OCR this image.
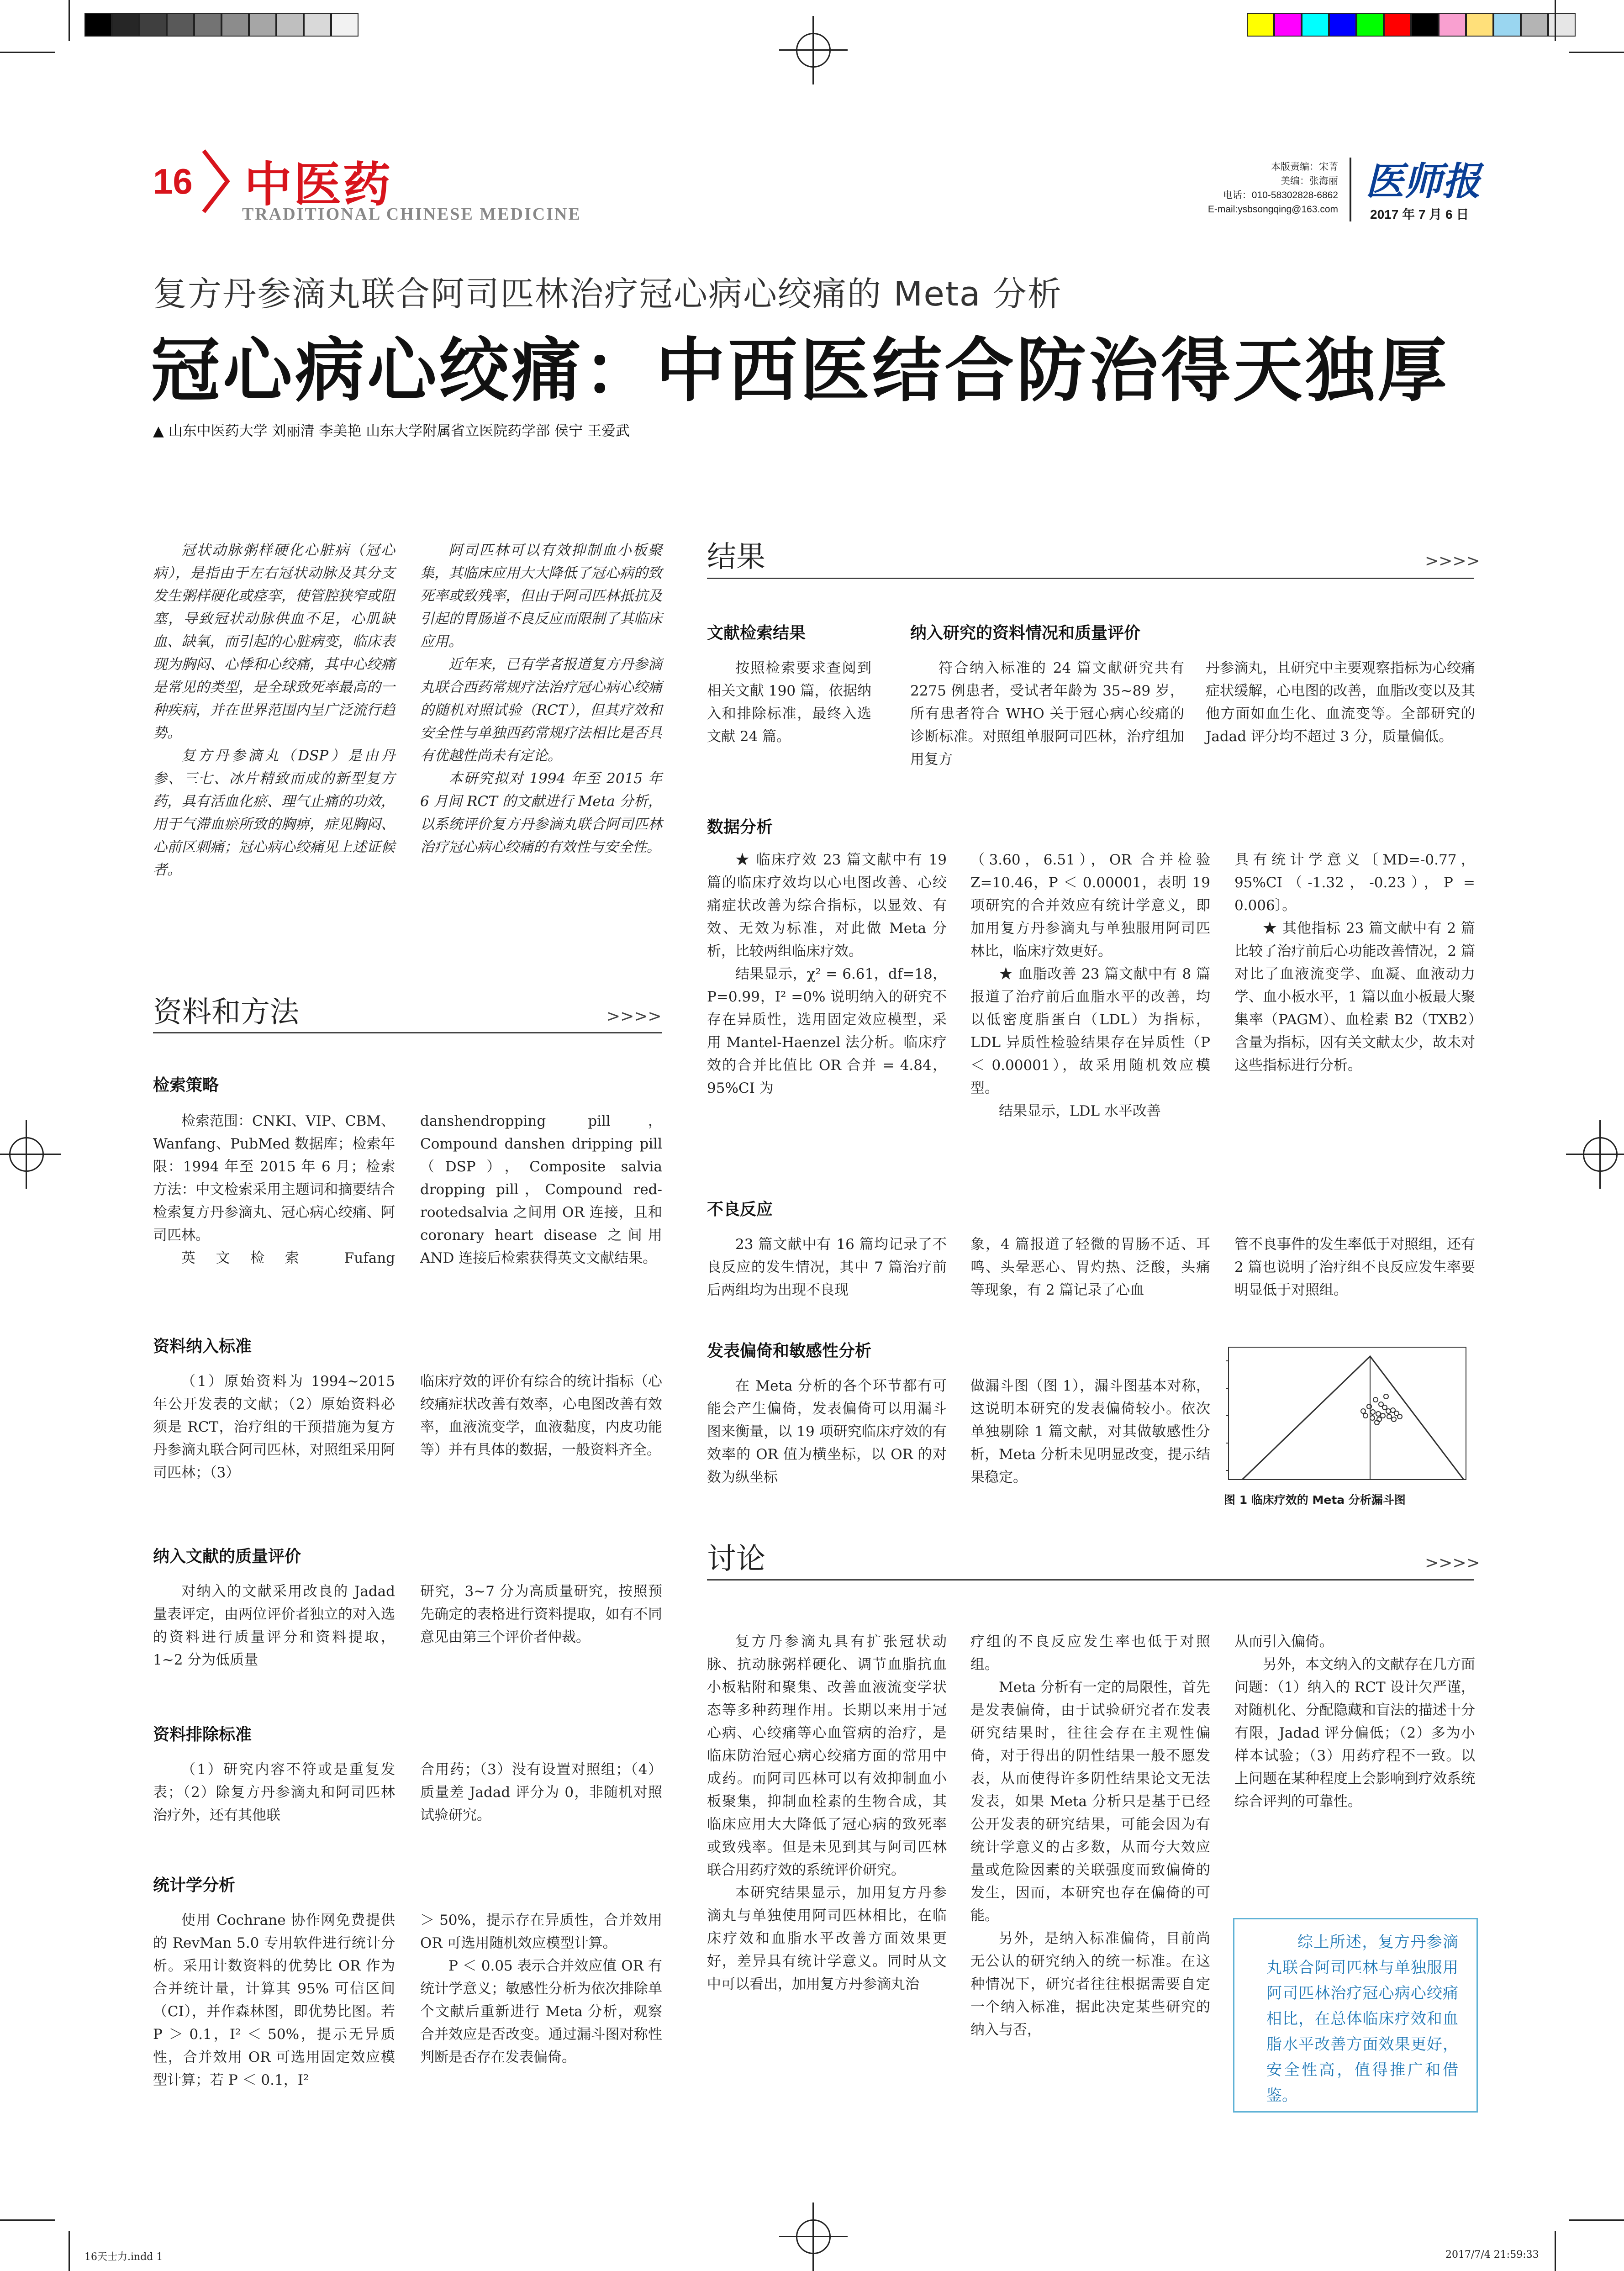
16 中医药
TRADITIONAL CHINESE MEDICINE
本版责编：宋菁
美编：张海丽
电话：010-58302828-6862
E-mail:ysbsongqing@163.com
医师报
2017 年 7 月 6 日
复方丹参滴丸联合阿司匹林治疗冠心病心绞痛的 Meta 分析
冠心病心绞痛：中西医结合防治得天独厚
▲ 山东中医药大学 刘丽清 李美艳 山东大学附属省立医院药学部 侯宁 王爱武

冠状动脉粥样硬化心脏病（冠心病），是指由于左右冠状动脉及其分支发生粥样硬化或痉挛，使管腔狭窄或阻塞，导致冠状动脉供血不足，心肌缺血、缺氧，而引起的心脏病变，临床表现为胸闷、心悸和心绞痛，其中心绞痛是常见的类型，是全球致死率最高的一种疾病，并在世界范围内呈广泛流行趋势。

复方丹参滴丸（DSP）是由丹参、三七、冰片精致而成的新型复方药，具有活血化瘀、理气止痛的功效，用于气滞血瘀所致的胸痹，症见胸闷、心前区刺痛；冠心病心绞痛见上述证候者。

阿司匹林可以有效抑制血小板聚集，其临床应用大大降低了冠心病的致死率或致残率，但由于阿司匹林抵抗及引起的胃肠道不良反应而限制了其临床应用。

近年来，已有学者报道复方丹参滴丸联合西药常规疗法治疗冠心病心绞痛的随机对照试验（RCT），但其疗效和安全性与单独西药常规疗法相比是否具有优越性尚未有定论。

本研究拟对 1994 年至 2015 年 6 月间 RCT 的文献进行 Meta 分析，以系统评价复方丹参滴丸联合阿司匹林治疗冠心病心绞痛的有效性与安全性。

资料和方法	>>>>
检索策略

检索范围：CNKI、VIP、CBM、Wanfang、PubMed 数据库；检索年限：1994 年至 2015 年 6 月；检索方法：中文检索采用主题词和摘要结合检索复方丹参滴丸、冠心病心绞痛、阿司匹林。

英文检索 Fufang

danshendropping pill，Compound danshen dripping pill（DSP），Composite salvia dropping pill，Compound red-rootedsalvia 之间用 OR 连接，且和 coronary heart disease 之间用 AND 连接后检索获得英文文献结果。

资料纳入标准

（1）原始资料为 1994~2015 年公开发表的文献；（2）原始资料必须是 RCT，治疗组的干预措施为复方丹参滴丸联合阿司匹林，对照组采用阿司匹林；（3）

临床疗效的评价有综合的统计指标（心绞痛症状改善有效率，心电图改善有效率，血液流变学，血液黏度，内皮功能等）并有具体的数据，一般资料齐全。

纳入文献的质量评价

对纳入的文献采用改良的 Jadad 量表评定，由两位评价者独立的对入选的资料进行质量评分和资料提取，1~2 分为低质量

研究，3~7 分为高质量研究，按照预先确定的表格进行资料提取，如有不同意见由第三个评价者仲裁。

资料排除标准

（1）研究内容不符或是重复发表；（2）除复方丹参滴丸和阿司匹林治疗外，还有其他联

合用药；（3）没有设置对照组；（4）质量差 Jadad 评分为 0，非随机对照试验研究。

统计学分析

使用 Cochrane 协作网免费提供的 RevMan 5.0 专用软件进行统计分析。采用计数资料的优势比 OR 作为合并统计量，计算其 95% 可信区间（CI），并作森林图，即优势比图。若 P ＞ 0.1，I² ＜ 50%，提示无异质性，合并效用 OR 可选用固定效应模型计算；若 P ＜ 0.1，I²

＞ 50%，提示存在异质性，合并效用 OR 可选用随机效应模型计算。

P ＜ 0.05 表示合并效应值 OR 有统计学意义；敏感性分析为依次排除单个文献后重新进行 Meta 分析，观察合并效应是否改变。通过漏斗图对称性判断是否存在发表偏倚。

结果	>>>>
文献检索结果

按照检索要求查阅到相关文献 190 篇，依据纳入和排除标准，最终入选文献 24 篇。

纳入研究的资料情况和质量评价

符合纳入标准的 24 篇文献研究共有 2275 例患者，受试者年龄为 35~89 岁，所有患者符合 WHO 关于冠心病心绞痛的诊断标准。对照组单服阿司匹林，治疗组加用复方

丹参滴丸，且研究中主要观察指标为心绞痛症状缓解，心电图的改善，血脂改变以及其他方面如血生化、血流变等。全部研究的 Jadad 评分均不超过 3 分，质量偏低。

数据分析

★ 临床疗效 23 篇文献中有 19 篇的临床疗效均以心电图改善、心绞痛症状改善为综合指标，以显效、有效、无效为标准，对此做 Meta 分析，比较两组临床疗效。

结果显示，χ² = 6.61，df=18，P=0.99，I² =0% 说明纳入的研究不存在异质性，选用固定效应模型，采用 Mantel-Haenzel 法分析。临床疗效的合并比值比 OR 合并 = 4.84，95%CI 为

（3.60，6.51），OR 合并检验 Z=10.46，P ＜ 0.00001，表明 19 项研究的合并效应有统计学意义，即加用复方丹参滴丸与单独服用阿司匹林比，临床疗效更好。

★ 血脂改善 23 篇文献中有 8 篇报道了治疗前后血脂水平的改善，均以低密度脂蛋白（LDL）为指标，LDL 异质性检验结果存在异质性（P ＜ 0.00001），故采用随机效应模型。

结果显示，LDL 水平改善

具有统计学意义〔MD=-0.77，95%CI（-1.32，-0.23），P = 0.006〕。

★ 其他指标 23 篇文献中有 2 篇比较了治疗前后心功能改善情况，2 篇对比了血液流变学、血凝、血液动力学、血小板水平，1 篇以血小板最大聚集率（PAGM）、血栓素 B2（TXB2）含量为指标，因有关文献太少，故未对这些指标进行分析。

不良反应

23 篇文献中有 16 篇均记录了不良反应的发生情况，其中 7 篇治疗前后两组均为出现不良现

象，4 篇报道了轻微的胃肠不适、耳鸣、头晕恶心、胃灼热、泛酸，头痛等现象，有 2 篇记录了心血

管不良事件的发生率低于对照组，还有 2 篇也说明了治疗组不良反应发生率要明显低于对照组。

发表偏倚和敏感性分析

在 Meta 分析的各个环节都有可能会产生偏倚，发表偏倚可以用漏斗图来衡量，以 19 项研究临床疗效的有效率的 OR 值为横坐标，以 OR 的对数为纵坐标

做漏斗图（图 1），漏斗图基本对称，这说明本研究的发表偏倚较小。依次单独剔除 1 篇文献，对其做敏感性分析，Meta 分析未见明显改变，提示结果稳定。

图 1 临床疗效的 Meta 分析漏斗图
讨论	>>>>

复方丹参滴丸具有扩张冠状动脉、抗动脉粥样硬化、调节血脂抗血小板粘附和聚集、改善血液流变学状态等多种药理作用。长期以来用于冠心病、心绞痛等心血管病的治疗，是临床防治冠心病心绞痛方面的常用中成药。而阿司匹林可以有效抑制血小板聚集，抑制血栓素的生物合成，其临床应用大大降低了冠心病的致死率或致残率。但是未见到其与阿司匹林联合用药疗效的系统评价研究。

本研究结果显示，加用复方丹参滴丸与单独使用阿司匹林相比，在临床疗效和血脂水平改善方面效果更好，差异具有统计学意义。同时从文中可以看出，加用复方丹参滴丸治

疗组的不良反应发生率也低于对照组。

Meta 分析有一定的局限性，首先是发表偏倚，由于试验研究者在发表研究结果时，往往会存在主观性偏倚，对于得出的阴性结果一般不愿发表，从而使得许多阴性结果论文无法发表，如果 Meta 分析只是基于已经公开发表的研究结果，可能会因为有统计学意义的占多数，从而夸大效应量或危险因素的关联强度而致偏倚的发生，因而，本研究也存在偏倚的可能。

另外，是纳入标准偏倚，目前尚无公认的研究纳入的统一标准。在这种情况下，研究者往往根据需要自定一个纳入标准，据此决定某些研究的纳入与否，

从而引入偏倚。

另外，本文纳入的文献存在几方面问题：（1）纳入的 RCT 设计欠严谨，对随机化、分配隐藏和盲法的描述十分有限，Jadad 评分偏低；（2）多为小样本试验；（3）用药疗程不一致。以上问题在某种程度上会影响到疗效系统综合评判的可靠性。

综上所述，复方丹参滴丸联合阿司匹林与单独服用阿司匹林治疗冠心病心绞痛相比，在总体临床疗效和血脂水平改善方面效果更好，安全性高，值得推广和借鉴。
16天士力.indd 1	2017/7/4 21:59:33
